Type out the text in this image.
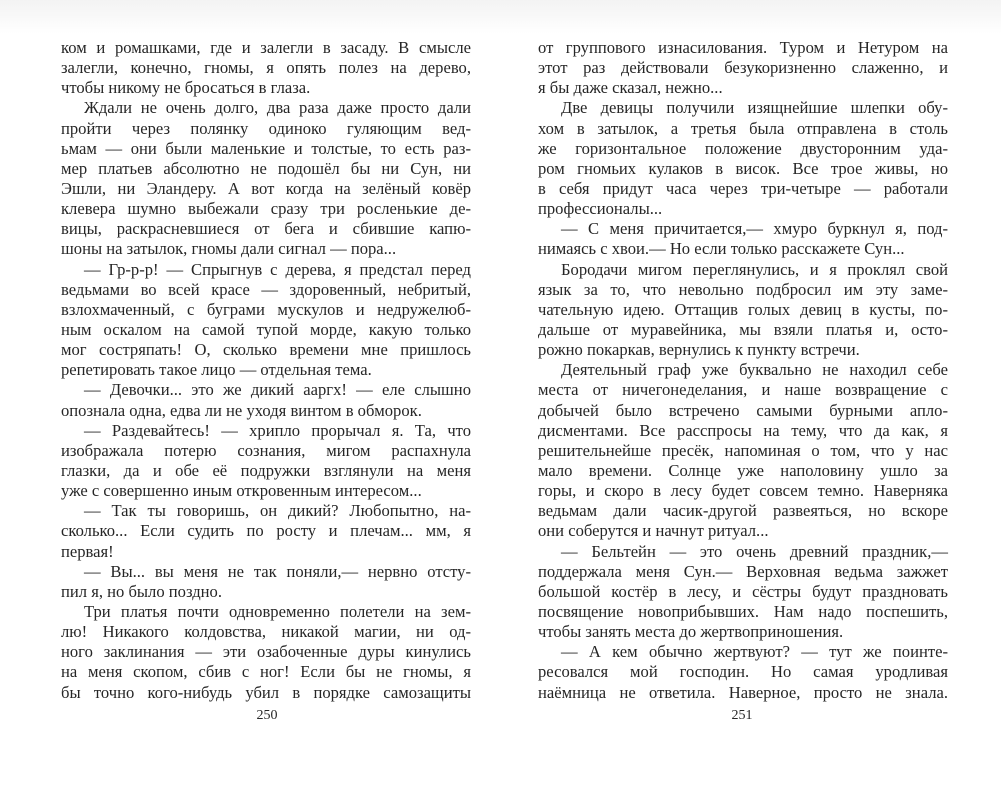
ком и ромашками, где и залегли в засаду. В смысле
залегли, конечно, гномы, я опять полез на дерево,
чтобы никому не бросаться в глаза.
Ждали не очень долго, два раза даже просто дали
пройти через полянку одиноко гуляющим вед-
ьмам — они были маленькие и толстые, то есть раз-
мер платьев абсолютно не подошёл бы ни Сун, ни
Эшли, ни Эландеру. А вот когда на зелёный ковёр
клевера шумно выбежали сразу три росленькие де-
вицы, раскрасневшиеся от бега и сбившие капю-
шоны на затылок, гномы дали сигнал — пора...
— Гр-р-р! — Спрыгнув с дерева, я предстал перед
ведьмами во всей красе — здоровенный, небритый,
взлохмаченный, с буграми мускулов и недружелюб-
ным оскалом на самой тупой морде, какую только
мог состряпать! О, сколько времени мне пришлось
репетировать такое лицо — отдельная тема.
— Девочки... это же дикий ааргх! — еле слышно
опознала одна, едва ли не уходя винтом в обморок.
— Раздевайтесь! — хрипло прорычал я. Та, что
изображала потерю сознания, мигом распахнула
глазки, да и обе её подружки взглянули на меня
уже с совершенно иным откровенным интересом...
— Так ты говоришь, он дикий? Любопытно, на-
сколько... Если судить по росту и плечам... мм, я
первая!
— Вы... вы меня не так поняли,— нервно отсту-
пил я, но было поздно.
Три платья почти одновременно полетели на зем-
лю! Никакого колдовства, никакой магии, ни од-
ного заклинания — эти озабоченные дуры кинулись
на меня скопом, сбив с ног! Если бы не гномы, я
бы точно кого-нибудь убил в порядке самозащиты
от группового изнасилования. Туром и Нетуром на
этот раз действовали безукоризненно слаженно, и
я бы даже сказал, нежно...
Две девицы получили изящнейшие шлепки обу-
хом в затылок, а третья была отправлена в столь
же горизонтальное положение двусторонним уда-
ром гномьих кулаков в висок. Все трое живы, но
в себя придут часа через три-четыре — работали
профессионалы...
— С меня причитается,— хмуро буркнул я, под-
нимаясь с хвои.— Но если только расскажете Сун...
Бородачи мигом переглянулись, и я проклял свой
язык за то, что невольно подбросил им эту заме-
чательную идею. Оттащив голых девиц в кусты, по-
дальше от муравейника, мы взяли платья и, осто-
рожно покаркав, вернулись к пункту встречи.
Деятельный граф уже буквально не находил себе
места от ничегонеделания, и наше возвращение с
добычей было встречено самыми бурными апло-
дисментами. Все расспросы на тему, что да как, я
решительнейше пресёк, напоминая о том, что у нас
мало времени. Солнце уже наполовину ушло за
горы, и скоро в лесу будет совсем темно. Наверняка
ведьмам дали часик-другой развеяться, но вскоре
они соберутся и начнут ритуал...
— Бельтейн — это очень древний праздник,—
поддержала меня Сун.— Верховная ведьма зажжет
большой костёр в лесу, и сёстры будут праздновать
посвящение новоприбывших. Нам надо поспешить,
чтобы занять места до жертвоприношения.
— А кем обычно жертвуют? — тут же поинте-
ресовался мой господин. Но самая уродливая
наёмница не ответила. Наверное, просто не знала.
250	251
